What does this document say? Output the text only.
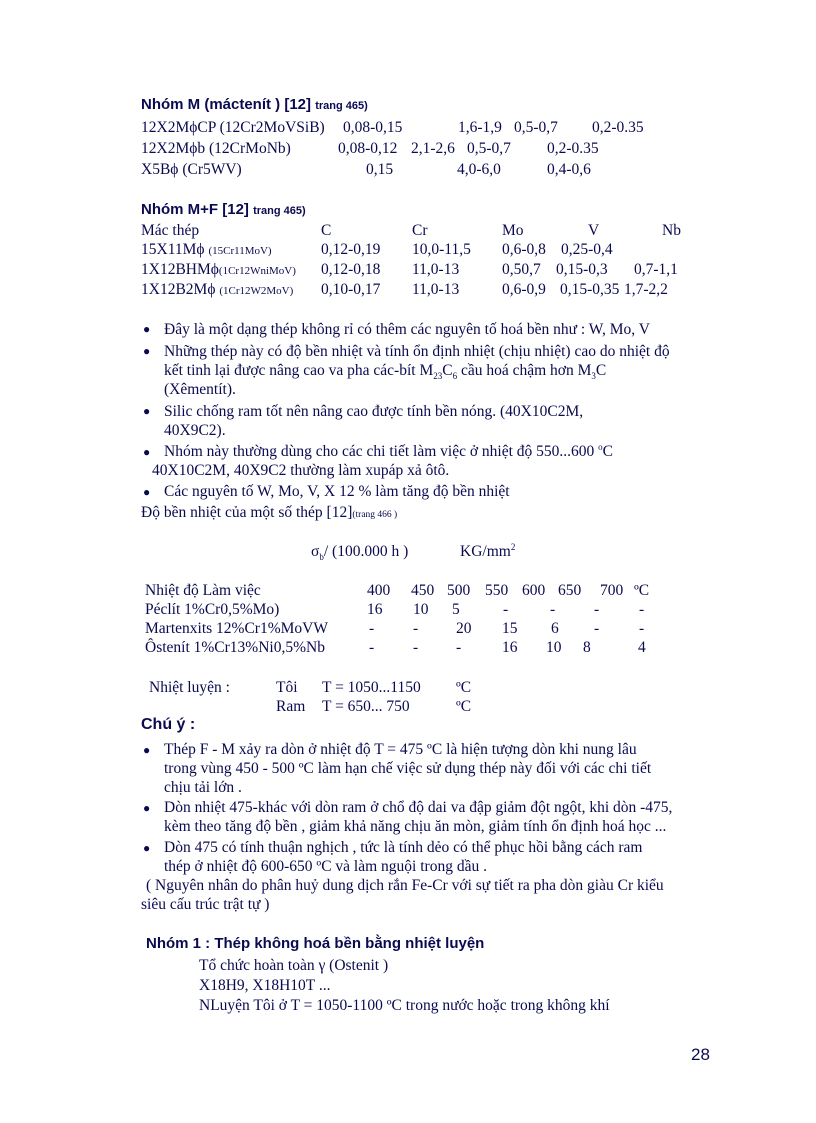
Nhóm M (máctenít ) [12] trang 465)
12X2MϕCP (12Cr2MoVSiB) 0,08-0,15	1,6-1,9 0,5-0,7 0,2-0.35
12X2Mϕb (12CrMoNb)	0,08-0,12 2,1-2,6 0,5-0,7 0,2-0.35
X5Bϕ (Cr5WV)	0,15	4,0-6,0	0,4-0,6
Nhóm M+F [12] trang 465)
Mác thép	C	Cr	Mo	V	Nb
15X11Mϕ (15Cr11MoV)	0,12-0,19 10,0-11,5 0,6-0,8 0,25-0,4
1X12BHMϕ(1Cr12WniMoV) 0,12-0,18 11,0-13	0,50,7 0,15-0,3 0,7-1,1
1X12B2Mϕ (1Cr12W2MoV) 0,10-0,17 11,0-13	0,6-0,9 0,15-0,35 1,7-2,2
● Đây là một dạng thép không rỉ có thêm các nguyên tố hoá bền như : W, Mo, V
● Những thép này có độ bền nhiệt và tính ổn định nhiệt (chịu nhiệt) cao do nhiệt độ
kết tinh lại được nâng cao va pha các-bít $M_{23}C_6$ cầu hoá chậm hơn $M_3C$
(Xêmentít).
● Silic chống ram tốt nên nâng cao được tính bền nóng. (40X10C2M,
40X9C2).
● Nhóm này thường dùng cho các chi tiết làm việc ở nhiệt độ 550...600 $^o$C
40X10C2M, 40X9C2 thường làm xupáp xả ôtô.
● Các nguyên tố W, Mo, V, X 12 % làm tăng độ bền nhiệt
Độ bền nhiệt của một số thép [12](trang 466 )
$\sigma_b/$ (100.000 h )	$KG/mm^2$
Nhiệt độ Làm việc	400 450 500 550 600 650 700 ºC
Péclít 1%Cr0,5%Mo)	16 10 5	-	-	-	-
Martenxits 12%Cr1%MoVW	-	- 20 15 6 -	-
Ôstenít 1%Cr13%Ni0,5%Nb	-	- -	16 10 8	4
Nhiệt luyện :	Tôi T = 1050...1150 ºC
Ram T = 650... 750	ºC
Chú ý :
● Thép F - M xảy ra dòn ở nhiệt độ T = 475 ºC là hiện tượng dòn khi nung lâu
trong vùng 450 - 500 ºC làm hạn chế việc sử dụng thép này đối với các chi tiết
chịu tải lớn .
● Dòn nhiệt 475-khác với dòn ram ở chổ độ dai va đập giảm đột ngột, khi dòn -475,
kèm theo tăng độ bền , giảm khả năng chịu ăn mòn, giảm tính ổn định hoá học ...
● Dòn 475 có tính thuận nghịch , tức là tính dẻo có thể phục hồi bằng cách ram
thép ở nhiệt độ 600-650 ºC và làm nguội trong dầu .
( Nguyên nhân do phân huỷ dung dịch rắn Fe-Cr với sự tiết ra pha dòn giàu Cr kiểu
siêu cấu trúc trật tự )
Nhóm 1 : Thép không hoá bền bằng nhiệt luyện
Tổ chức hoàn toàn γ (Ostenit )
X18H9, X18H10T ...
NLuyện Tôi ở T = 1050-1100 ºC trong nước hoặc trong không khí
28
